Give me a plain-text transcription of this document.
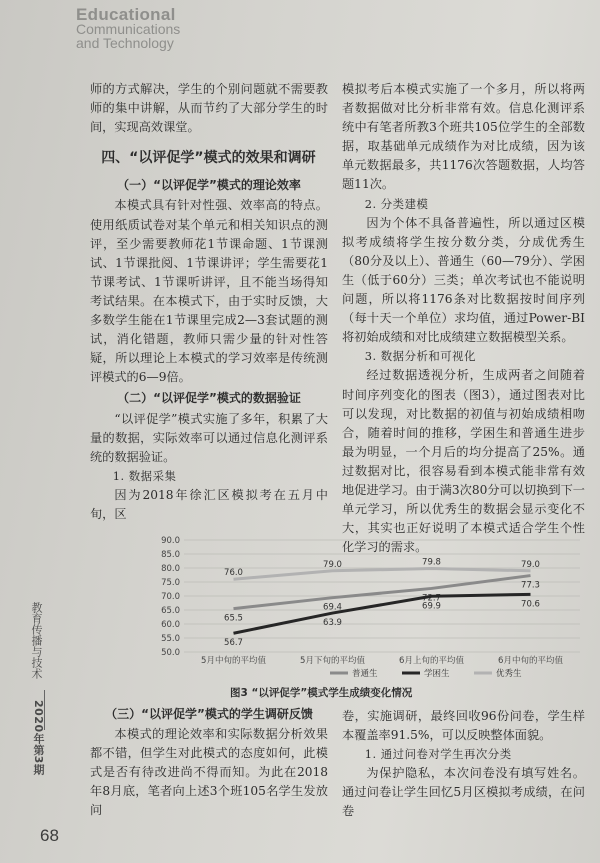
Educational
Communications
and Technology
教育传播与技术
2020年第3期
68

师的方式解决，学生的个别问题就不需要教师的集中讲解，从而节约了大部分学生的时间，实现高效课堂。

四、“以评促学”模式的效果和调研

（一）“以评促学”模式的理论效率

本模式具有针对性强、效率高的特点。使用纸质试卷对某个单元和相关知识点的测评，至少需要教师花1节课命题、1节课测试、1节课批阅、1节课讲评；学生需要花1节课考试、1节课听讲评，且不能当场得知考试结果。在本模式下，由于实时反馈，大多数学生能在1节课里完成2—3套试题的测试，消化错题，教师只需少量的针对性答疑，所以理论上本模式的学习效率是传统测评模式的6—9倍。

（二）“以评促学”模式的数据验证

“以评促学”模式实施了多年，积累了大量的数据，实际效率可以通过信息化测评系统的数据验证。

1. 数据采集

因为2018年徐汇区模拟考在五月中旬，区

模拟考后本模式实施了一个多月，所以将两者数据做对比分析非常有效。信息化测评系统中有笔者所教3个班共105位学生的全部数据，取基础单元成绩作为对比成绩，因为该单元数据最多，共1176次答题数据，人均答题11次。

2. 分类建模

因为个体不具备普遍性，所以通过区模拟考成绩将学生按分数分类，分成优秀生（80分及以上）、普通生（60—79分）、学困生（低于60分）三类；单次考试也不能说明问题，所以将1176条对比数据按时间序列（每十天一个单位）求均值，通过Power-BI将初始成绩和对比成绩建立数据模型关系。

3. 数据分析和可视化

经过数据透视分析，生成两者之间随着时间序列变化的图表（图3），通过图表对比可以发现，对比数据的初值与初始成绩相吻合，随着时间的推移，学困生和普通生进步最为明显，一个月后的均分提高了25%。通过数据对比，很容易看到本模式能非常有效地促进学习。由于满3次80分可以切换到下一单元学习，所以优秀生的数据会显示变化不大，其实也正好说明了本模式适合学生个性化学习的需求。

50.0
55.0
60.0
65.0
70.0
75.0
80.0
85.0
90.0
5月中旬的平均值	5月下旬的平均值	6月上旬的平均值	6月中旬的平均值
65.5
69.4
72.7
77.3
56.7
63.9
69.9	70.6
76.0
79.0	79.8	79.0
普通生	学困生	优秀生
图3 “以评促学”模式学生成绩变化情况

（三）“以评促学”模式的学生调研反馈

本模式的理论效率和实际数据分析效果都不错，但学生对此模式的态度如何，此模式是否有待改进尚不得而知。为此在2018年8月底，笔者向上述3个班105名学生发放问

卷，实施调研，最终回收96份问卷，学生样本覆盖率91.5%，可以反映整体面貌。

1. 通过问卷对学生再次分类

为保护隐私，本次问卷没有填写姓名。通过问卷让学生回忆5月区模拟考成绩，在问卷
